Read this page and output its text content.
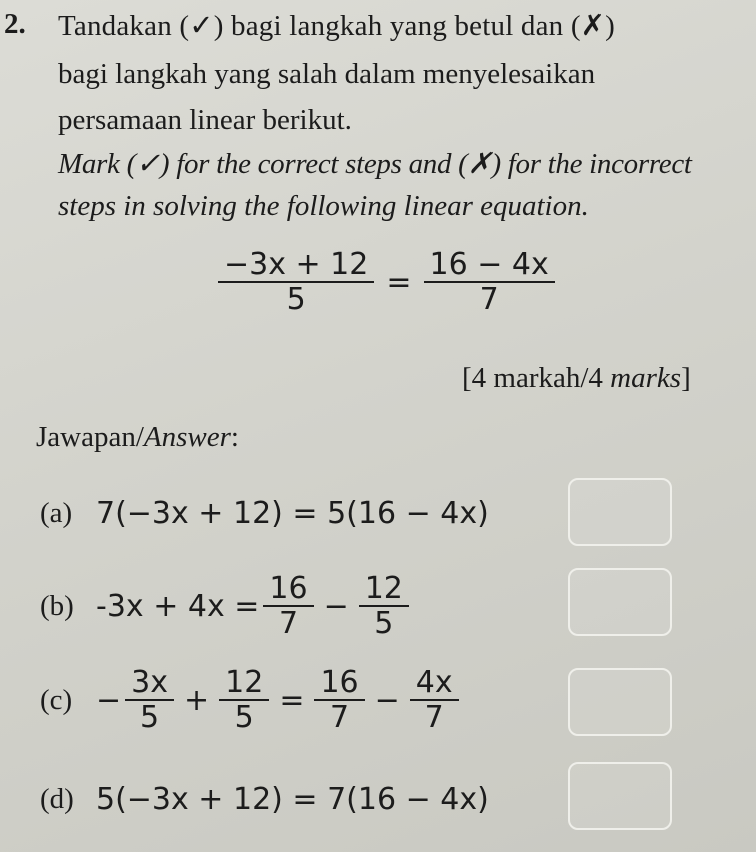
2. Tandakan (✓) bagi langkah yang betul dan (✗)
bagi langkah yang salah dalam menyelesaikan
persamaan linear berikut.
Mark (✓) for the correct steps and (✗) for the incorrect
steps in solving the following linear equation.
$\frac{-3x + 12}{5} = \frac{16 - 4x}{7}$
[4 markah/4 marks]
Jawapan/Answer:
(a) 7(−3x + 12) = 5(16 − 4x)
(b) $-3x + 4x = \frac{16}{7} - \frac{12}{5}$
$(c) - \frac{3x}{5} + \frac{12}{5} = \frac{16}{7} - \frac{4x}{7}$
(d) 5(−3x + 12) = 7(16 − 4x)
